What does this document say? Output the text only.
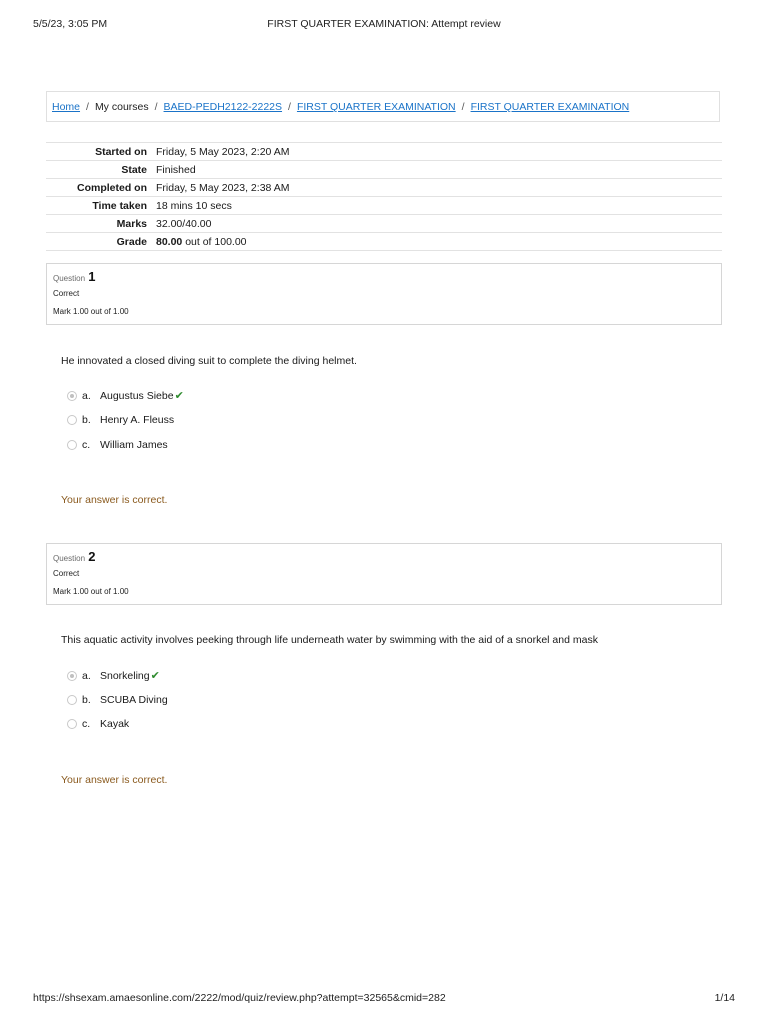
5/5/23, 3:05 PM	FIRST QUARTER EXAMINATION: Attempt review
Home / My courses / BAED-PEDH2122-2222S / FIRST QUARTER EXAMINATION / FIRST QUARTER EXAMINATION
Started on	Friday, 5 May 2023, 2:20 AM
State	Finished
Completed on	Friday, 5 May 2023, 2:38 AM
Time taken	18 mins 10 secs
Marks	32.00/40.00
Grade	80.00 out of 100.00
Question 1
Correct
Mark 1.00 out of 1.00
He innovated a closed diving suit to complete the diving helmet.
a. Augustus Siebe✔
b. Henry A. Fleuss
c. William James
Your answer is correct.
Question 2
Correct
Mark 1.00 out of 1.00
This aquatic activity involves peeking through life underneath water by swimming with the aid of a snorkel and mask
a. Snorkeling✔
b. SCUBA Diving
c. Kayak
Your answer is correct.
https://shsexam.amaesonline.com/2222/mod/quiz/review.php?attempt=32565&cmid=282	1/14
